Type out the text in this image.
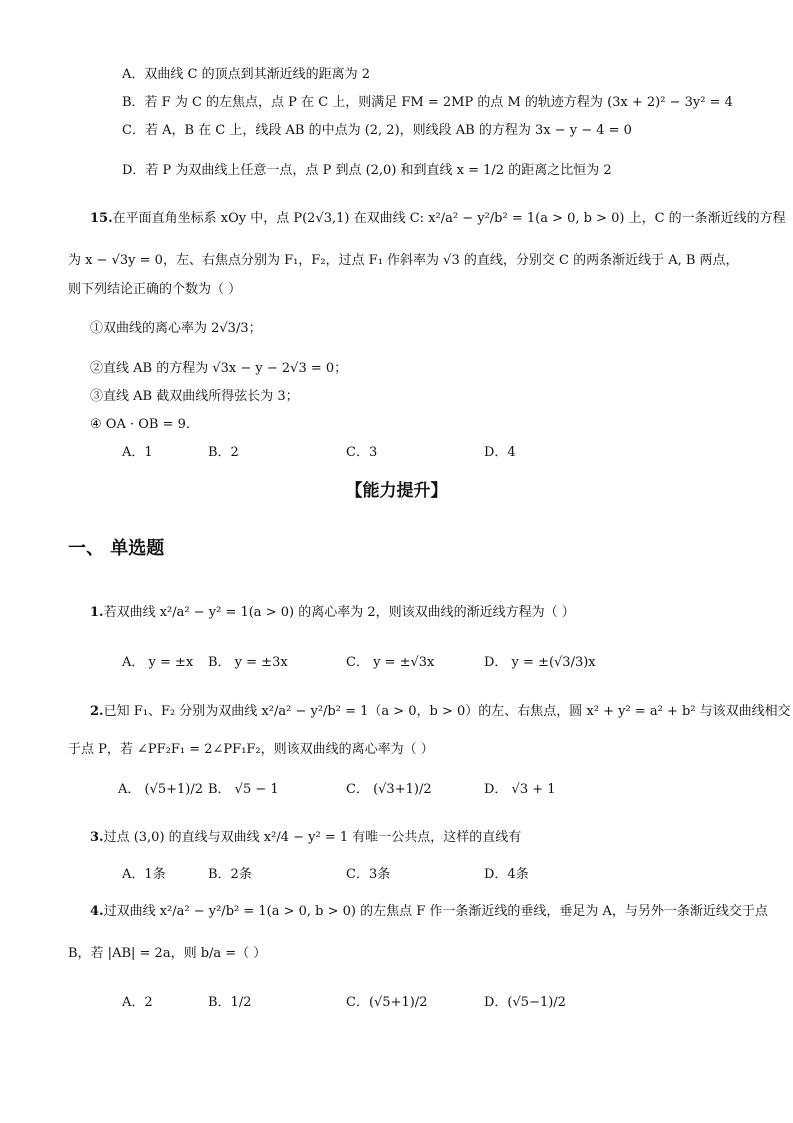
A．双曲线 C 的顶点到其渐近线的距离为 2
B．若 F 为 C 的左焦点，点 P 在 C 上，则满足 FM = 2MP 的点 M 的轨迹方程为 (3x + 2)² − 3y² = 4
C．若 A，B 在 C 上，线段 AB 的中点为 (2, 2)，则线段 AB 的方程为 3x − y − 4 = 0
D．若 P 为双曲线上任意一点，点 P 到点 (2,0) 和到直线 x = 1/2 的距离之比恒为 2
15.在平面直角坐标系 xOy 中，点 P(2√3,1) 在双曲线 C: x²/a² − y²/b² = 1(a > 0, b > 0) 上，C 的一条渐近线的方程
为 x − √3y = 0，左、右焦点分别为 F₁，F₂，过点 F₁ 作斜率为 √3 的直线，分别交 C 的两条渐近线于 A, B 两点，
则下列结论正确的个数为（ ）
①双曲线的离心率为 2√3/3；
②直线 AB 的方程为 √3x − y − 2√3 = 0；
③直线 AB 截双曲线所得弦长为 3；
④ OA · OB = 9．
A．1	B．2	C．3	D．4
【能力提升】
一、 单选题
1.若双曲线 x²/a² − y² = 1(a > 0) 的离心率为 2，则该双曲线的渐近线方程为（ ）
A． y = ±x B． y = ±3x	C． y = ±√3x	D． y = ±(√3/3)x
2.已知 F₁、F₂ 分别为双曲线 x²/a² − y²/b² = 1（a > 0，b > 0）的左、右焦点，圆 x² + y² = a² + b² 与该双曲线相交
于点 P，若 ∠PF₂F₁ = 2∠PF₁F₂，则该双曲线的离心率为（ ）
A． (√5+1)/2 B． √5 − 1	C． (√3+1)/2	D． √3 + 1
3.过点 (3,0) 的直线与双曲线 x²/4 − y² = 1 有唯一公共点，这样的直线有
A．1条	B．2条	C．3条	D．4条
4.过双曲线 x²/a² − y²/b² = 1(a > 0, b > 0) 的左焦点 F 作一条渐近线的垂线，垂足为 A，与另外一条渐近线交于点
B，若 |AB| = 2a，则 b/a =（ ）
A．2	B．1/2	C．(√5+1)/2	D．(√5−1)/2
